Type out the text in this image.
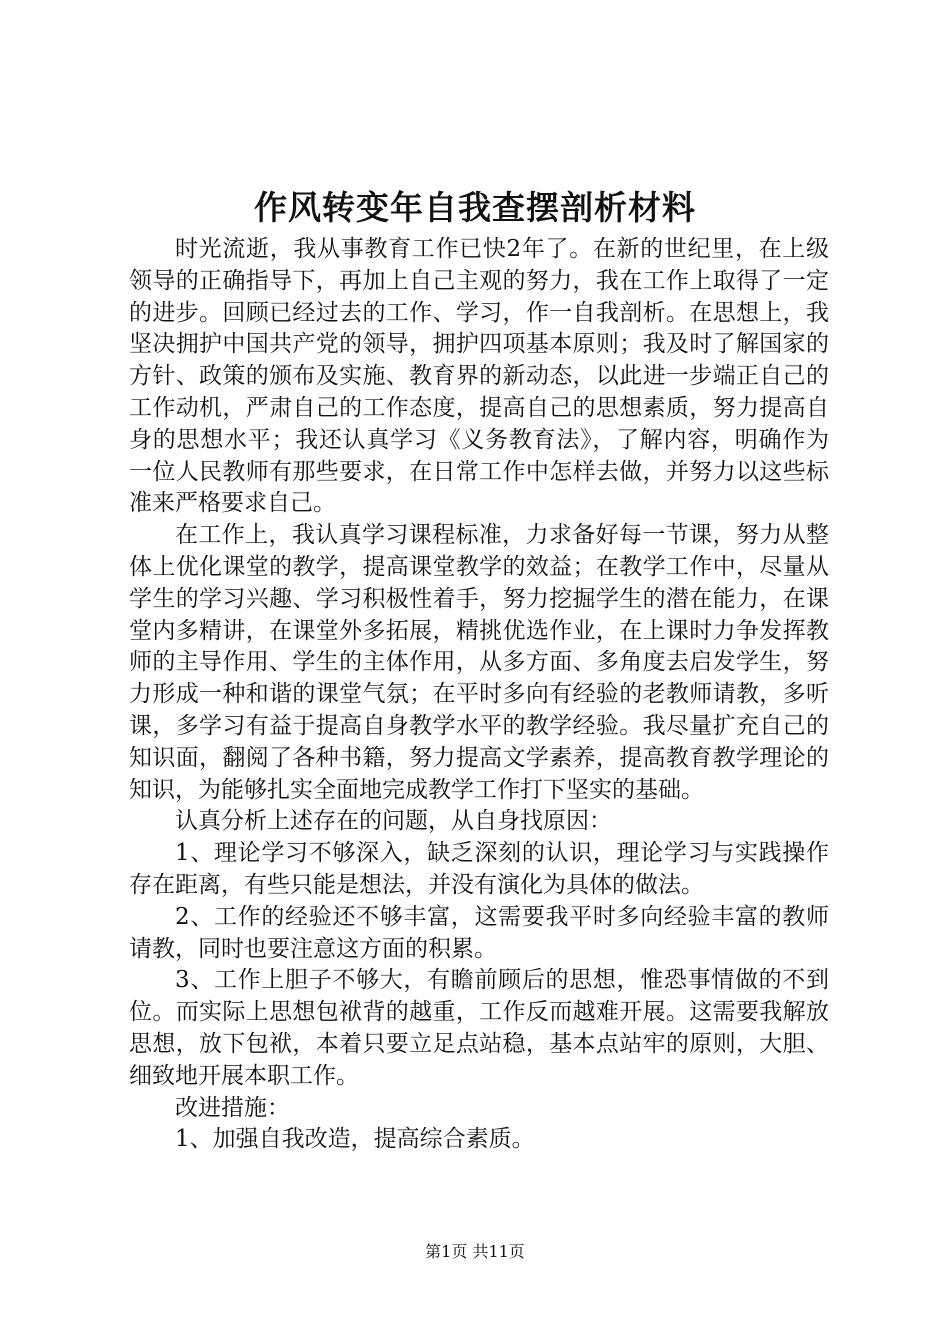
作风转变年自我查摆剖析材料

时光流逝，我从事教育工作已快2年了。在新的世纪里，在上级领导的正确指导下，再加上自己主观的努力，我在工作上取得了一定的进步。回顾已经过去的工作、学习，作一自我剖析。在思想上，我坚决拥护中国共产党的领导，拥护四项基本原则；我及时了解国家的方针、政策的颁布及实施、教育界的新动态，以此进一步端正自己的工作动机，严肃自己的工作态度，提高自己的思想素质，努力提高自身的思想水平；我还认真学习《义务教育法》，了解内容，明确作为一位人民教师有那些要求，在日常工作中怎样去做，并努力以这些标准来严格要求自己。

在工作上，我认真学习课程标准，力求备好每一节课，努力从整体上优化课堂的教学，提高课堂教学的效益；在教学工作中，尽量从学生的学习兴趣、学习积极性着手，努力挖掘学生的潜在能力，在课堂内多精讲，在课堂外多拓展，精挑优选作业，在上课时力争发挥教师的主导作用、学生的主体作用，从多方面、多角度去启发学生，努力形成一种和谐的课堂气氛；在平时多向有经验的老教师请教，多听课，多学习有益于提高自身教学水平的教学经验。我尽量扩充自己的知识面，翻阅了各种书籍，努力提高文学素养，提高教育教学理论的知识，为能够扎实全面地完成教学工作打下坚实的基础。

认真分析上述存在的问题，从自身找原因：

1、理论学习不够深入，缺乏深刻的认识，理论学习与实践操作存在距离，有些只能是想法，并没有演化为具体的做法。

2、工作的经验还不够丰富，这需要我平时多向经验丰富的教师请教，同时也要注意这方面的积累。

3、工作上胆子不够大，有瞻前顾后的思想，惟恐事情做的不到位。而实际上思想包袱背的越重，工作反而越难开展。这需要我解放思想，放下包袱，本着只要立足点站稳，基本点站牢的原则，大胆、细致地开展本职工作。

改进措施：

1、加强自我改造，提高综合素质。

第1页 共11页
